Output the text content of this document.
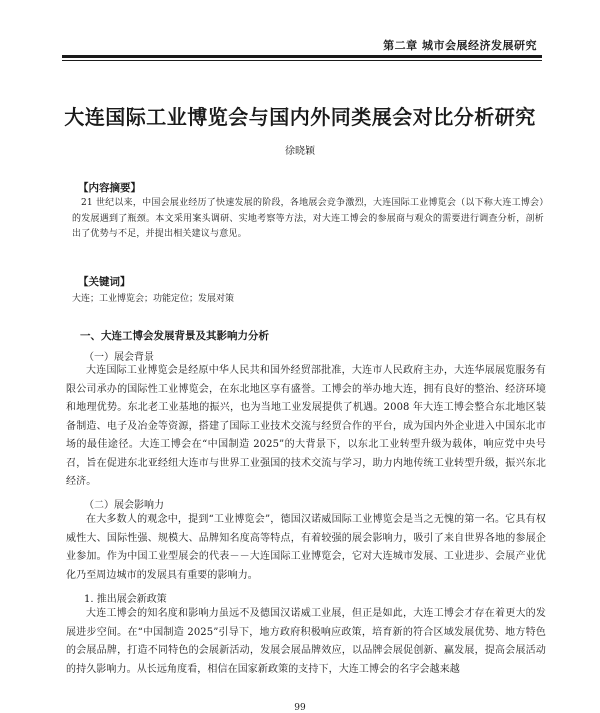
第二章 城市会展经济发展研究
大连国际工业博览会与国内外同类展会对比分析研究
徐晓颖
【内容摘要】

21 世纪以来，中国会展业经历了快速发展的阶段，各地展会竞争激烈，大连国际工业博览会（以下称大连工博会）的发展遇到了瓶颈。本文采用案头调研、实地考察等方法，对大连工博会的参展商与观众的需要进行调查分析，剖析出了优势与不足，并提出相关建议与意见。

【关键词】

大连；工业博览会；功能定位；发展对策

一、大连工博会发展背景及其影响力分析
（一）展会背景

大连国际工业博览会是经原中华人民共和国外经贸部批准，大连市人民政府主办，大连华展展览服务有限公司承办的国际性工业博览会，在东北地区享有盛誉。工博会的举办地大连，拥有良好的整治、经济环境和地理优势。东北老工业基地的振兴，也为当地工业发展提供了机遇。2008 年大连工博会整合东北地区装备制造、电子及冶金等资源，搭建了国际工业技术交流与经贸合作的平台，成为国内外企业进入中国东北市场的最佳途径。大连工博会在“中国制造 2025”的大背景下，以东北工业转型升级为载体，响应党中央号召，旨在促进东北亚经纽大连市与世界工业强国的技术交流与学习，助力内地传统工业转型升级，振兴东北经济。

（二）展会影响力

在大多数人的观念中，提到“工业博览会”，德国汉诺威国际工业博览会是当之无愧的第一名。它具有权威性大、国际性强、规模大、品牌知名度高等特点，有着较强的展会影响力，吸引了来自世界各地的参展企业参加。作为中国工业型展会的代表－－大连国际工业博览会，它对大连城市发展、工业进步、会展产业优化乃至周边城市的发展具有重要的影响力。

1. 推出展会新政策

大连工博会的知名度和影响力虽远不及德国汉诺威工业展，但正是如此，大连工博会才存在着更大的发展进步空间。在“中国制造 2025”引导下，地方政府积极响应政策，培育新的符合区域发展优势、地方特色的会展品牌，打造不同特色的会展新活动，发展会展品牌效应，以品牌会展促创新、赢发展，提高会展活动的持久影响力。从长远角度看，相信在国家新政策的支持下，大连工博会的名字会越来越

99
